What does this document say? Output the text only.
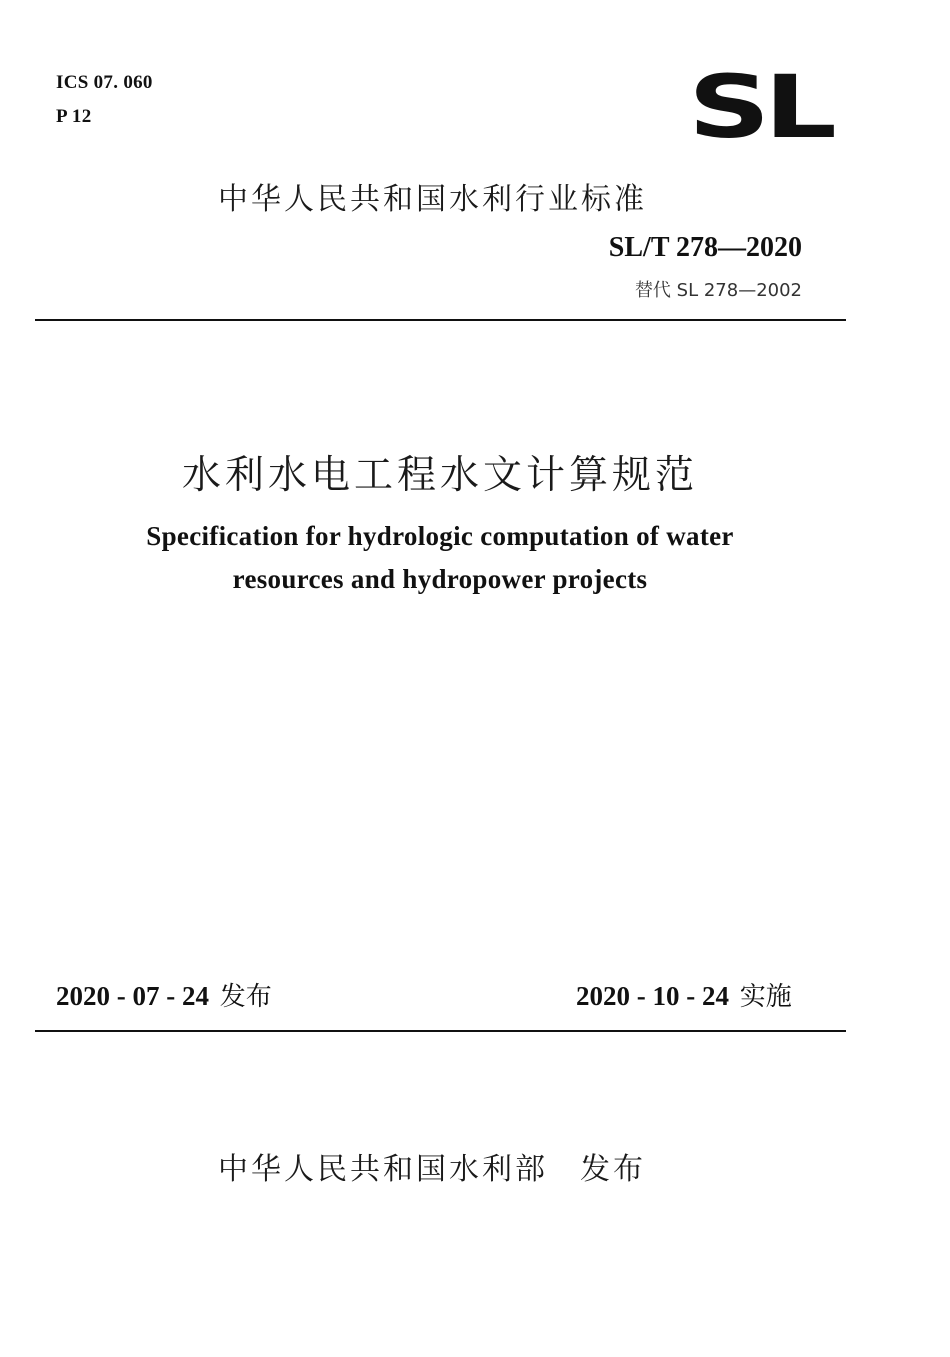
ICS 07. 060
P 12	SL
中华人民共和国水利行业标准
SL/T 278—2020
替代 SL 278—2002
水利水电工程水文计算规范
Specification for hydrologic computation of water
resources and hydropower projects
2020 - 07 - 24 发布	2020 - 10 - 24 实施
中华人民共和国水利部 发布
